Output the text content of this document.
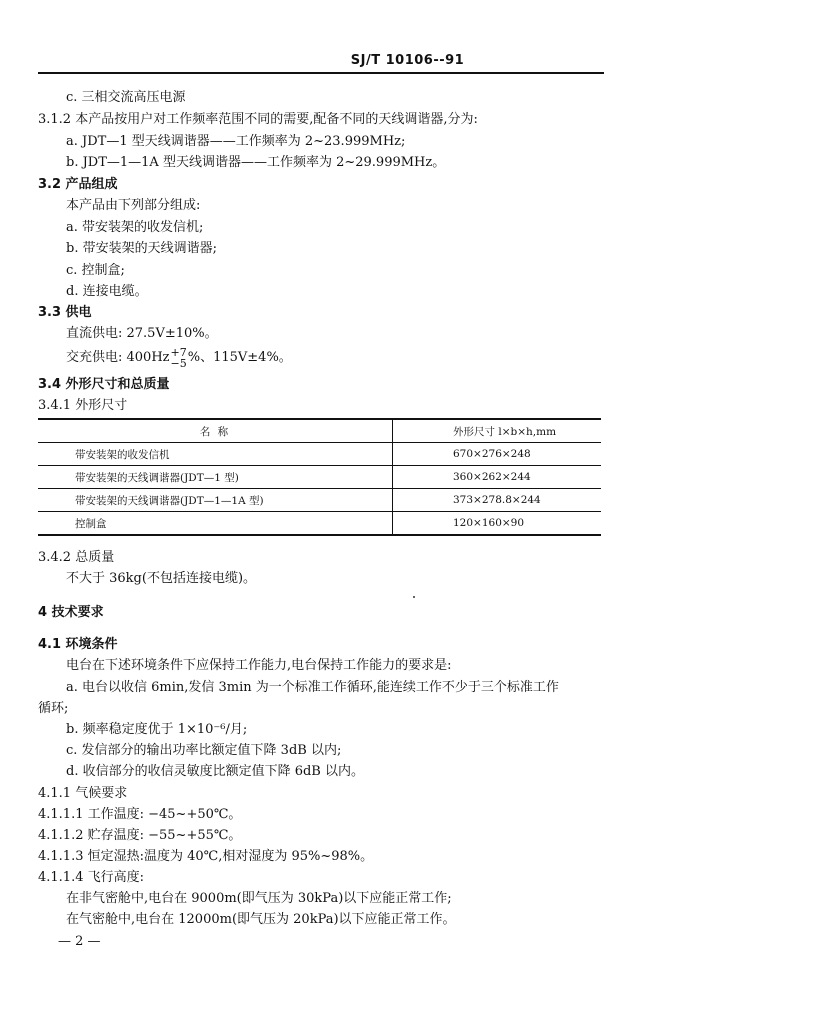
SJ/T 10106--91
c. 三相交流高压电源
3.1.2 本产品按用户对工作频率范围不同的需要,配备不同的天线调谐器,分为:
a. JDT—1 型天线调谐器——工作频率为 2~23.999MHz;
b. JDT—1—1A 型天线调谐器——工作频率为 2~29.999MHz。
3.2 产品组成
本产品由下列部分组成:
a. 带安装架的收发信机;
b. 带安装架的天线调谐器;
c. 控制盒;
d. 连接电缆。
3.3 供电
直流供电: 27.5V±10%。
交充供电: 400Hz +7
−5 %、115V±4%。
3.4 外形尺寸和总质量
3.4.1 外形尺寸
名 称	外形尺寸 l×b×h,mm
带安装架的收发信机	670×276×248
带安装架的天线调谐器(JDT—1 型)	360×262×244
带安装架的天线调谐器(JDT—1—1A 型)	373×278.8×244
控制盒	120×160×90
3.4.2 总质量
不大于 36kg(不包括连接电缆)。
4 技术要求
4.1 环境条件
电台在下述环境条件下应保持工作能力,电台保持工作能力的要求是:
a. 电台以收信 6min,发信 3min 为一个标准工作循环,能连续工作不少于三个标准工作
循环;
b. 频率稳定度优于 1×10⁻⁶/月;
c. 发信部分的输出功率比额定值下降 3dB 以内;
d. 收信部分的收信灵敏度比额定值下降 6dB 以内。
4.1.1 气候要求
4.1.1.1 工作温度: −45~+50℃。
4.1.1.2 贮存温度: −55~+55℃。
4.1.1.3 恒定湿热:温度为 40℃,相对湿度为 95%~98%。
4.1.1.4 飞行高度:
在非气密舱中,电台在 9000m(即气压为 30kPa)以下应能正常工作;
在气密舱中,电台在 12000m(即气压为 20kPa)以下应能正常工作。
— 2 —
